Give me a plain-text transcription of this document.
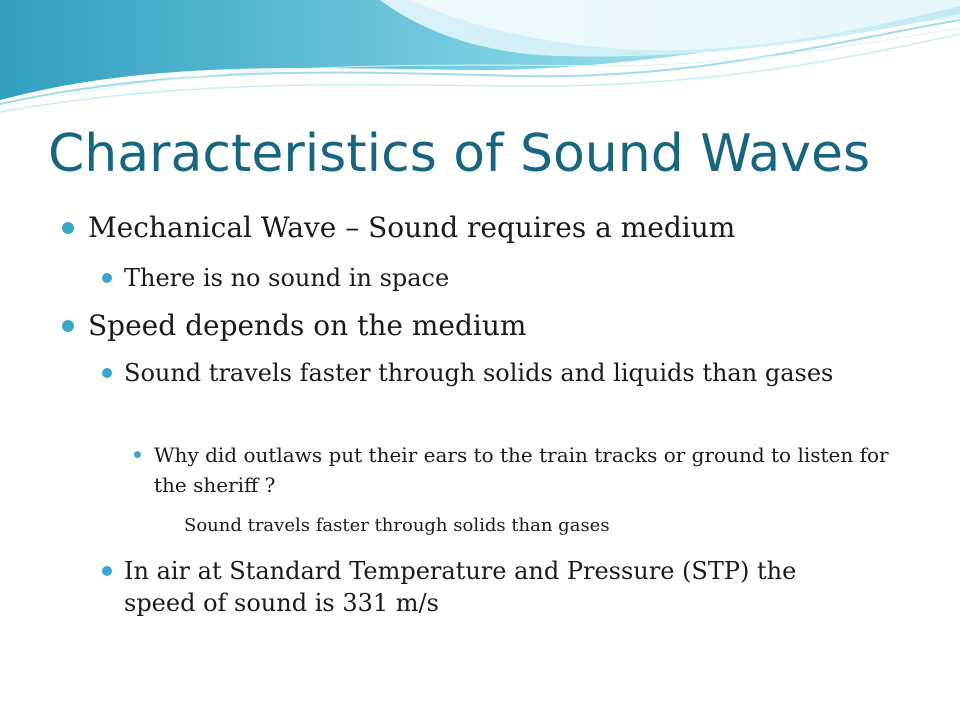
Characteristics of Sound Waves

Mechanical Wave – Sound requires a medium

There is no sound in space

Speed depends on the medium

Sound travels faster through solids and liquids than gases

Why did outlaws put their ears to the train tracks or ground to listen for the sheriff ?

Sound travels faster through solids than gases

In air at Standard Temperature and Pressure (STP) the speed of sound is 331 m/s
